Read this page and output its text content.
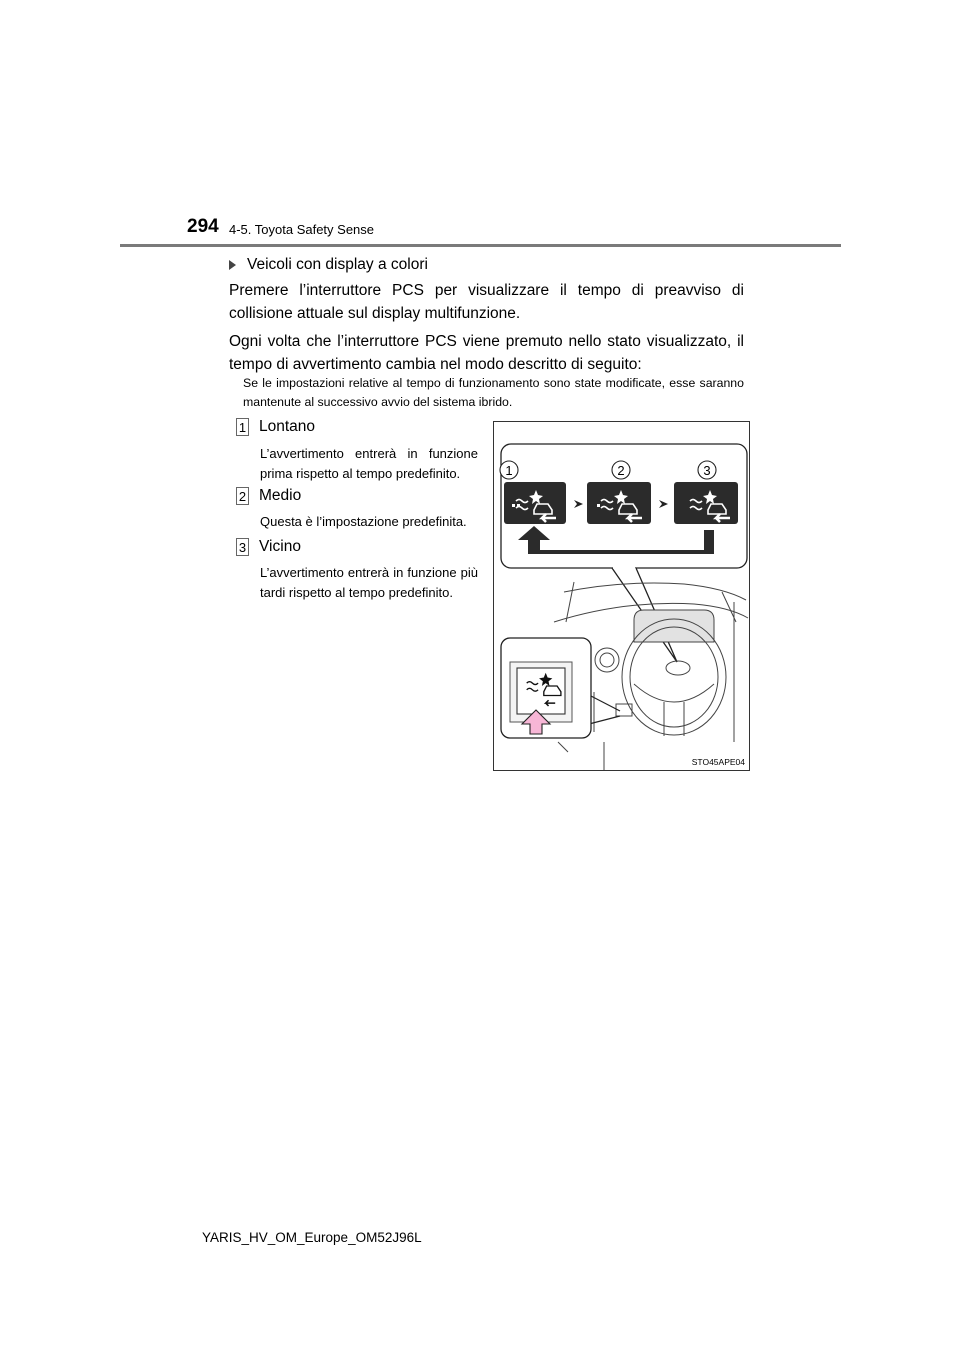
294 4-5. Toyota Safety Sense
Veicoli con display a colori
Premere l’interruttore PCS per visualizzare il tempo di preavviso di collisione attuale sul display multifunzione.
Ogni volta che l’interruttore PCS viene premuto nello stato visualizzato, il tempo di avvertimento cambia nel modo descritto di seguito:
Se le impostazioni relative al tempo di funzionamento sono state modificate, esse saranno mantenute al successivo avvio del sistema ibrido.
1 Lontano
L’avvertimento entrerà in funzione prima rispetto al tempo predefinito.
2 Medio
Questa è l’impostazione predefinita.
3 Vicino
L’avvertimento entrerà in funzione più tardi rispetto al tempo predefinito.
1	2	3
STO45APE04
YARIS_HV_OM_Europe_OM52J96L
